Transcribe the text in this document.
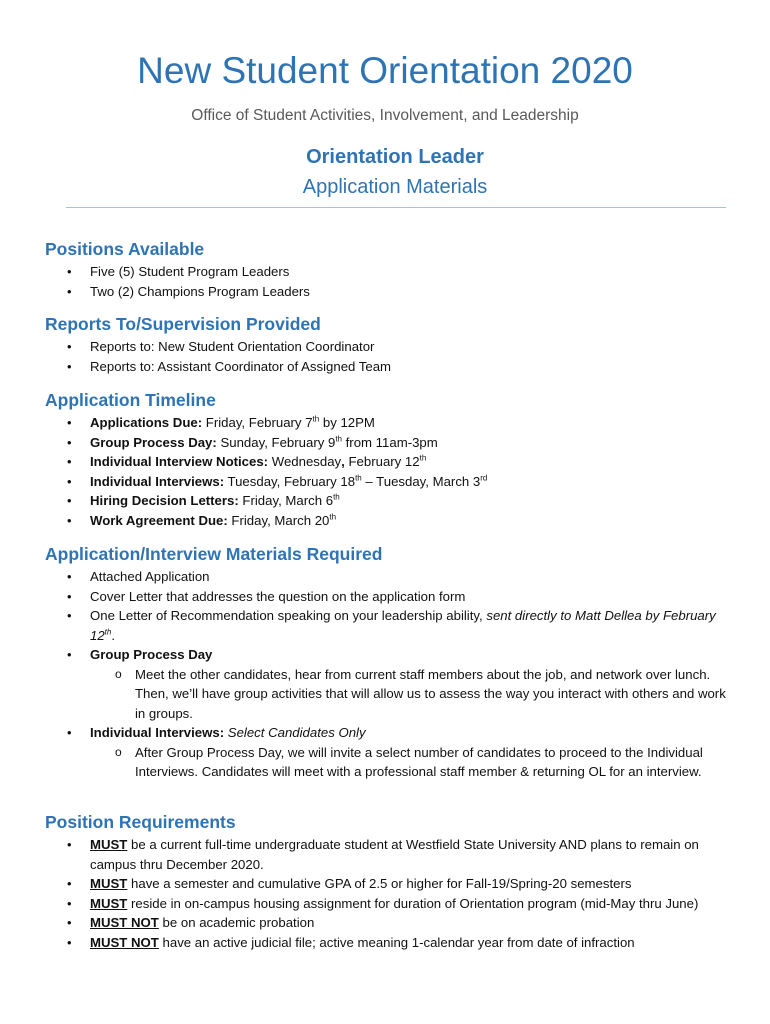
New Student Orientation 2020

Office of Student Activities, Involvement, and Leadership

Orientation Leader

Application Materials

Positions Available
• Five (5) Student Program Leaders
• Two (2) Champions Program Leaders
Reports To/Supervision Provided
• Reports to: New Student Orientation Coordinator
• Reports to: Assistant Coordinator of Assigned Team
Application Timeline
• Applications Due: Friday, February 7th by 12PM
• Group Process Day: Sunday, February 9th from 11am-3pm
• Individual Interview Notices: Wednesday, February 12th
• Individual Interviews: Tuesday, February 18th – Tuesday, March 3rd
• Hiring Decision Letters: Friday, March 6th
• Work Agreement Due: Friday, March 20th
Application/Interview Materials Required
• Attached Application
• Cover Letter that addresses the question on the application form
• One Letter of Recommendation speaking on your leadership ability, sent directly to Matt Dellea by February 12th.
• Group Process Day
o Meet the other candidates, hear from current staff members about the job, and network over lunch. Then, we’ll have group activities that will allow us to assess the way you interact with others and work in groups.
• Individual Interviews: Select Candidates Only
o After Group Process Day, we will invite a select number of candidates to proceed to the Individual Interviews. Candidates will meet with a professional staff member & returning OL for an interview.
Position Requirements
• MUST be a current full-time undergraduate student at Westfield State University AND plans to remain on campus thru December 2020.
• MUST have a semester and cumulative GPA of 2.5 or higher for Fall-19/Spring-20 semesters
• MUST reside in on-campus housing assignment for duration of Orientation program (mid-May thru June)
• MUST NOT be on academic probation
• MUST NOT have an active judicial file; active meaning 1-calendar year from date of infraction
